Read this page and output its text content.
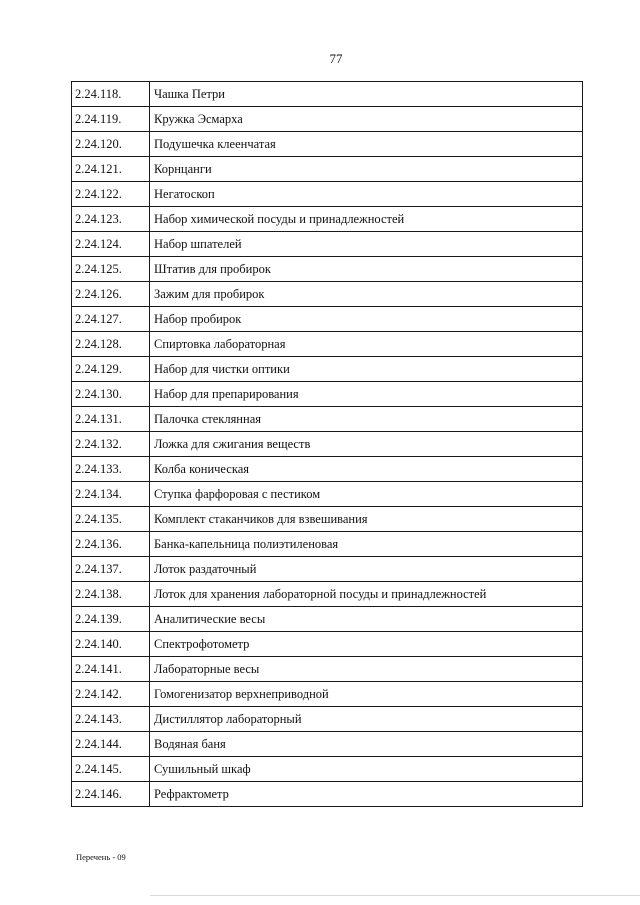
77
2.24.118.	Чашка Петри
2.24.119.	Кружка Эсмарха
2.24.120.	Подушечка клеенчатая
2.24.121.	Корнцанги
2.24.122.	Негатоскоп
2.24.123.	Набор химической посуды и принадлежностей
2.24.124.	Набор шпателей
2.24.125.	Штатив для пробирок
2.24.126.	Зажим для пробирок
2.24.127.	Набор пробирок
2.24.128.	Спиртовка лабораторная
2.24.129.	Набор для чистки оптики
2.24.130.	Набор для препарирования
2.24.131.	Палочка стеклянная
2.24.132.	Ложка для сжигания веществ
2.24.133.	Колба коническая
2.24.134.	Ступка фарфоровая с пестиком
2.24.135.	Комплект стаканчиков для взвешивания
2.24.136.	Банка-капельница полиэтиленовая
2.24.137.	Лоток раздаточный
2.24.138.	Лоток для хранения лабораторной посуды и принадлежностей
2.24.139.	Аналитические весы
2.24.140.	Спектрофотометр
2.24.141.	Лабораторные весы
2.24.142.	Гомогенизатор верхнеприводной
2.24.143.	Дистиллятор лабораторный
2.24.144.	Водяная баня
2.24.145.	Сушильный шкаф
2.24.146.	Рефрактометр
Перечень - 09
